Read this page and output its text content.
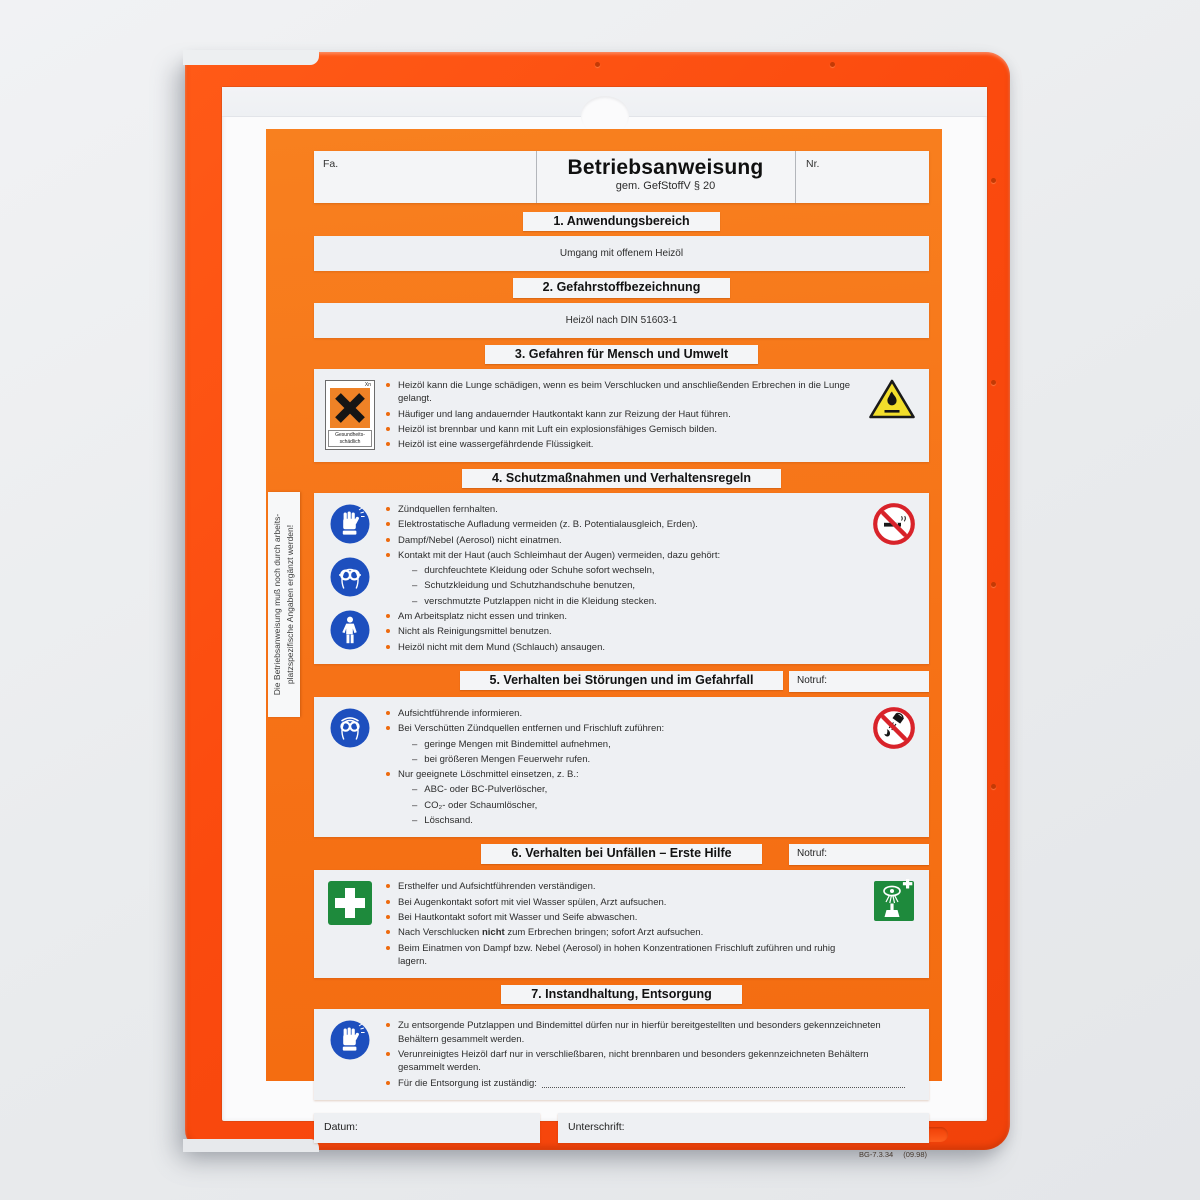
Die Betriebsanweisung muß noch durch arbeits- platzspezifische Angaben ergänzt werden!
Fa.	Betriebsanweisung
gem. GefStoffV § 20
Nr.
1. Anwendungsbereich
Umgang mit offenem Heizöl
2. Gefahrstoffbezeichnung
Heizöl nach DIN 51603-1
3. Gefahren für Mensch und Umwelt
Xn
Gesundheits-
schädlich
Heizöl kann die Lunge schädigen, wenn es beim Verschlucken und anschließenden Erbrechen in die Lunge gelangt.
Häufiger und lang andauernder Hautkontakt kann zur Reizung der Haut führen.
Heizöl ist brennbar und kann mit Luft ein explosionsfähiges Gemisch bilden.
Heizöl ist eine wassergefährdende Flüssigkeit.
4. Schutzmaßnahmen und Verhaltensregeln
Zündquellen fernhalten.
Elektrostatische Aufladung vermeiden (z. B. Potentialausgleich, Erden).
Dampf/Nebel (Aerosol) nicht einatmen.
Kontakt mit der Haut (auch Schleimhaut der Augen) vermeiden, dazu gehört:
– durchfeuchtete Kleidung oder Schuhe sofort wechseln,
– Schutzkleidung und Schutzhandschuhe benutzen,
– verschmutzte Putzlappen nicht in die Kleidung stecken.
Am Arbeitsplatz nicht essen und trinken.
Nicht als Reinigungsmittel benutzen.
Heizöl nicht mit dem Mund (Schlauch) ansaugen.
5. Verhalten bei Störungen und im Gefahrfall	Notruf:
Aufsichtführende informieren.
Bei Verschütten Zündquellen entfernen und Frischluft zuführen:
– geringe Mengen mit Bindemittel aufnehmen,
– bei größeren Mengen Feuerwehr rufen.
Nur geeignete Löschmittel einsetzen, z. B.:
– ABC- oder BC-Pulverlöscher,
– CO₂- oder Schaumlöscher,
– Löschsand.
6. Verhalten bei Unfällen – Erste Hilfe	Notruf:
Ersthelfer und Aufsichtführenden verständigen.
Bei Augenkontakt sofort mit viel Wasser spülen, Arzt aufsuchen.
Bei Hautkontakt sofort mit Wasser und Seife abwaschen.
Nach Verschlucken nicht zum Erbrechen bringen; sofort Arzt aufsuchen.
Beim Einatmen von Dampf bzw. Nebel (Aerosol) in hohen Konzentrationen Frischluft zuführen und ruhig lagern.
7. Instandhaltung, Entsorgung
Zu entsorgende Putzlappen und Bindemittel dürfen nur in hierfür bereitgestellten und besonders gekennzeichneten Behältern gesammelt werden.
Verunreinigtes Heizöl darf nur in verschließbaren, nicht brennbaren und besonders gekennzeichneten Behältern gesammelt werden.
Für die Entsorgung ist zuständig:
Datum:	Unterschrift:
BG-7.3.34 (09.98)
